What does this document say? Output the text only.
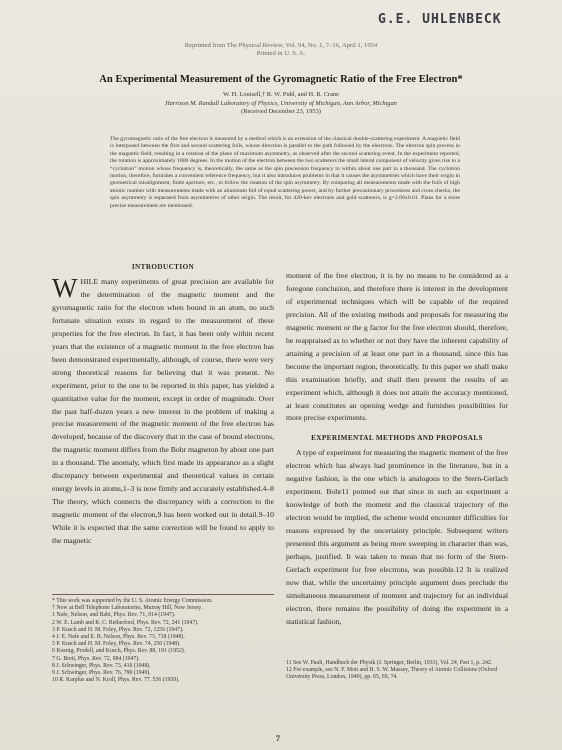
G.E. UHLENBECK
Reprinted from The Physical Review, Vol. 94, No. 1, 7–16, April 1, 1954
Printed in U. S. A.
An Experimental Measurement of the Gyromagnetic Ratio of the Free Electron*
W. H. Louisell,† R. W. Pidd, and H. R. Crane
Harrison M. Randall Laboratory of Physics, University of Michigan, Ann Arbor, Michigan
(Received December 23, 1953)
The gyromagnetic ratio of the free electron is measured by a method which is an extension of the classical double-scattering experiment. A magnetic field is interposed between the first and second scattering foils, whose direction is parallel to the path followed by the electrons. The electron spin precess in the magnetic field, resulting in a rotation of the plane of maximum asymmetry, as observed after the second scattering event. In the experiment reported, the rotation is approximately 1800 degrees. In the motion of the electron between the two scatterers the small lateral component of velocity gives rise to a “cyclotron” motion whose frequency is, theoretically, the same as the spin precession frequency to within about one part in a thousand. The cyclotron motion, therefore, furnishes a convenient reference frequency, but it also introduces problems in that it causes the asymmetries which have their origin in geometrical misalignment, finite aperture, etc., to follow the rotation of the spin asymmetry. By comparing all measurements made with the foils of high atomic number with measurements made with an aluminum foil of equal scattering power, and by further precautionary procedures and cross checks, the spin asymmetry is separated from asymmetries of other origin. The result, for 420-kev electrons and gold scatterers, is g=2.00±0.01. Plans for a more precise measurement are mentioned.
INTRODUCTION

WHILE many experiments of great precision are available for the determination of the magnetic moment and the gyromagnetic ratio for the electron when bound in an atom, no such fortunate situation exists in regard to the measurement of these properties for the free electron. In fact, it has been only within recent years that the existence of a magnetic moment in the free electron has been demonstrated experimentally, although, of course, there were very strong theoretical reasons for believing that it was present. No experiment, prior to the one to be reported in this paper, has yielded a quantitative value for the moment, except in order of magnitude. Over the past half-dozen years a new interest in the problem of making a precise measurement of the magnetic moment of the free electron has developed, because of the discovery that in the case of bound electrons, the magnetic moment differs from the Bohr magneton by about one part in a thousand. The anomaly, which first made its appearance as a slight discrepancy between experimental and theoretical values in certain energy levels in atoms,1–3 is now firmly and accurately established.4–8 The theory, which connects the discrepancy with a correction to the magnetic moment of the electron,9 has been worked out in detail.9–10 While it is expected that the same correction will be found to apply to the magnetic

moment of the free electron, it is by no means to be considered as a foregone conclusion, and therefore there is interest in the development of experimental techniques which will be capable of the required precision. All of the existing methods and proposals for measuring the magnetic moment or the g factor for the free electron should, therefore, be reappraised as to whether or not they have the inherent capability of attaining a precision of at least one part in a thousand, since this has become the important region, theoretically. In this paper we shall make this examination briefly, and shall then present the results of an experiment which, although it does not attain the accuracy mentioned, at least constitutes an opening wedge and furnishes possibilities for more precise experiments.

EXPERIMENTAL METHODS AND PROPOSALS

A type of experiment for measuring the magnetic moment of the free electron which has always had prominence in the literature, but in a negative fashion, is the one which is analogous to the Stern-Gerlach experiment. Bohr11 pointed out that since in such an experiment a knowledge of both the moment and the classical trajectory of the electron would be implied, the scheme would encounter difficulties for reasons expressed by the uncertainty principle. Subsequent writers presented this argument as being more sweeping in character than was, perhaps, justified. It was taken to mean that no form of the Stern-Gerlach experiment for free electrons, was possible.12 It is realized now that, while the uncertainty principle argument does preclude the simultaneous measurement of moment and trajectory for an individual electron, there remains the possibility of doing the experiment in a statistical fashion,

* This work was supported by the U. S. Atomic Energy Commission.

† Now at Bell Telephone Laboratories, Murray Hill, New Jersey.

1 Nafe, Nelson, and Rabi, Phys. Rev. 71, 914 (1947).

2 W. E. Lamb and R. C. Retherford, Phys. Rev. 72, 241 (1947).

3 P. Kusch and H. M. Foley, Phys. Rev. 72, 1256 (1947).

4 J. E. Nafe and E. B. Nelson, Phys. Rev. 73, 718 (1948).

5 P. Kusch and H. M. Foley, Phys. Rev. 74, 250 (1948).

6 Koenig, Prodell, and Kusch, Phys. Rev. 88, 191 (1952).

7 G. Breit, Phys. Rev. 72, 984 (1947).

8 J. Schwinger, Phys. Rev. 73, 416 (1948).

9 J. Schwinger, Phys. Rev. 76, 790 (1949).

10 R. Karplus and N. Kroll, Phys. Rev. 77, 536 (1950).

11 See W. Pauli, Handbuch der Physik (J. Springer, Berlin, 1933), Vol. 24, Part 1, p. 242.

12 For example, see N. F. Mott and H. S. W. Massey, Theory of Atomic Collisions (Oxford University Press, London, 1949), pp. 65, 69, 74.

7
